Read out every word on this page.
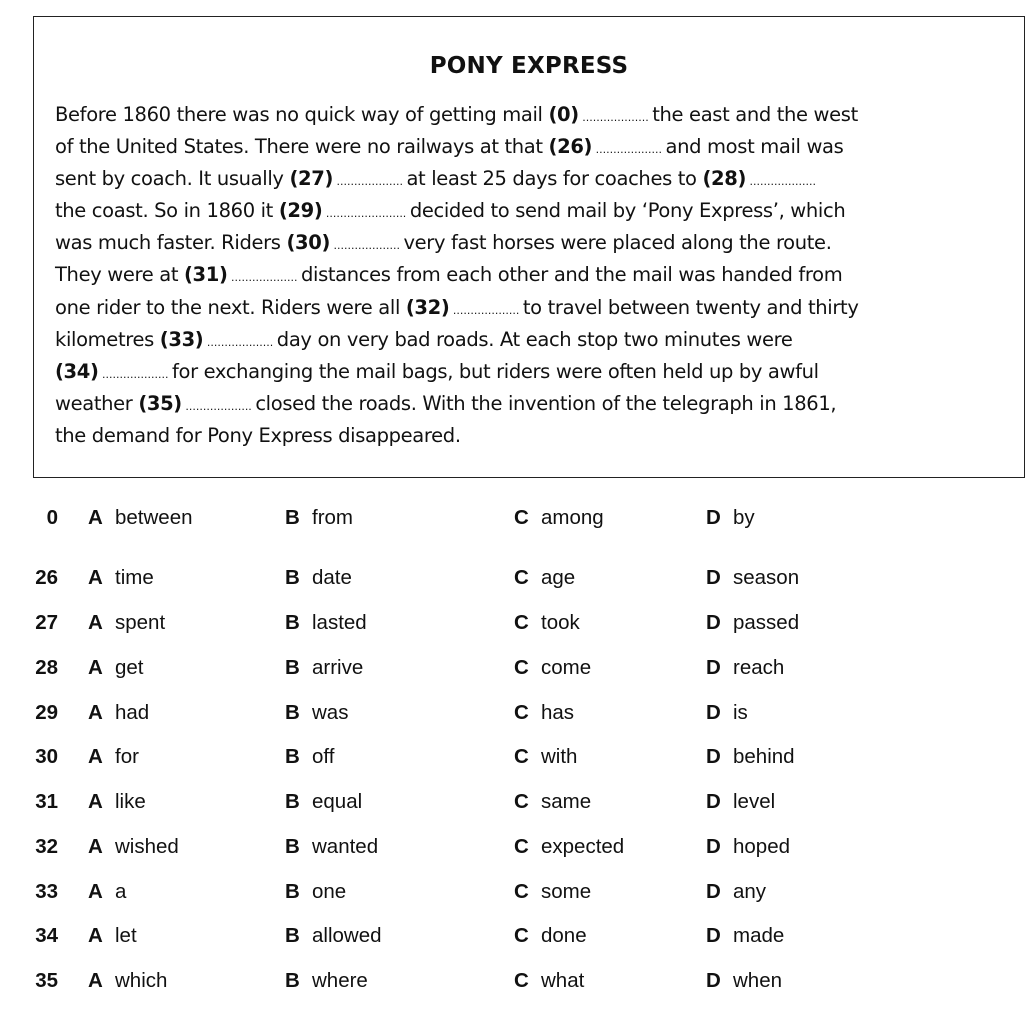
PONY EXPRESS
Before 1860 there was no quick way of getting mail (0) ................... the east and the west
of the United States. There were no railways at that (26) ................... and most mail was
sent by coach. It usually (27) ................... at least 25 days for coaches to (28) ...................
the coast. So in 1860 it (29) ....................... decided to send mail by ‘Pony Express’, which
was much faster. Riders (30) ................... very fast horses were placed along the route.
They were at (31) ................... distances from each other and the mail was handed from
one rider to the next. Riders were all (32) ................... to travel between twenty and thirty
kilometres (33) ................... day on very bad roads. At each stop two minutes were
(34) ................... for exchanging the mail bags, but riders were often held up by awful
weather (35) ................... closed the roads. With the invention of the telegraph in 1861,
the demand for Pony Express disappeared.
0 A between	B from	C among	D by
26 A time	B date	C age	D season
27 A spent	B lasted	C took	D passed
28 A get	B arrive	C come	D reach
29 A had	B was	C has	D is
30 A for	B off	C with	D behind
31 A like	B equal	C same	D level
32 A wished	B wanted	C expected	D hoped
33 A a	B one	C some	D any
34 A let	B allowed	C done	D made
35 A which	B where	C what	D when
